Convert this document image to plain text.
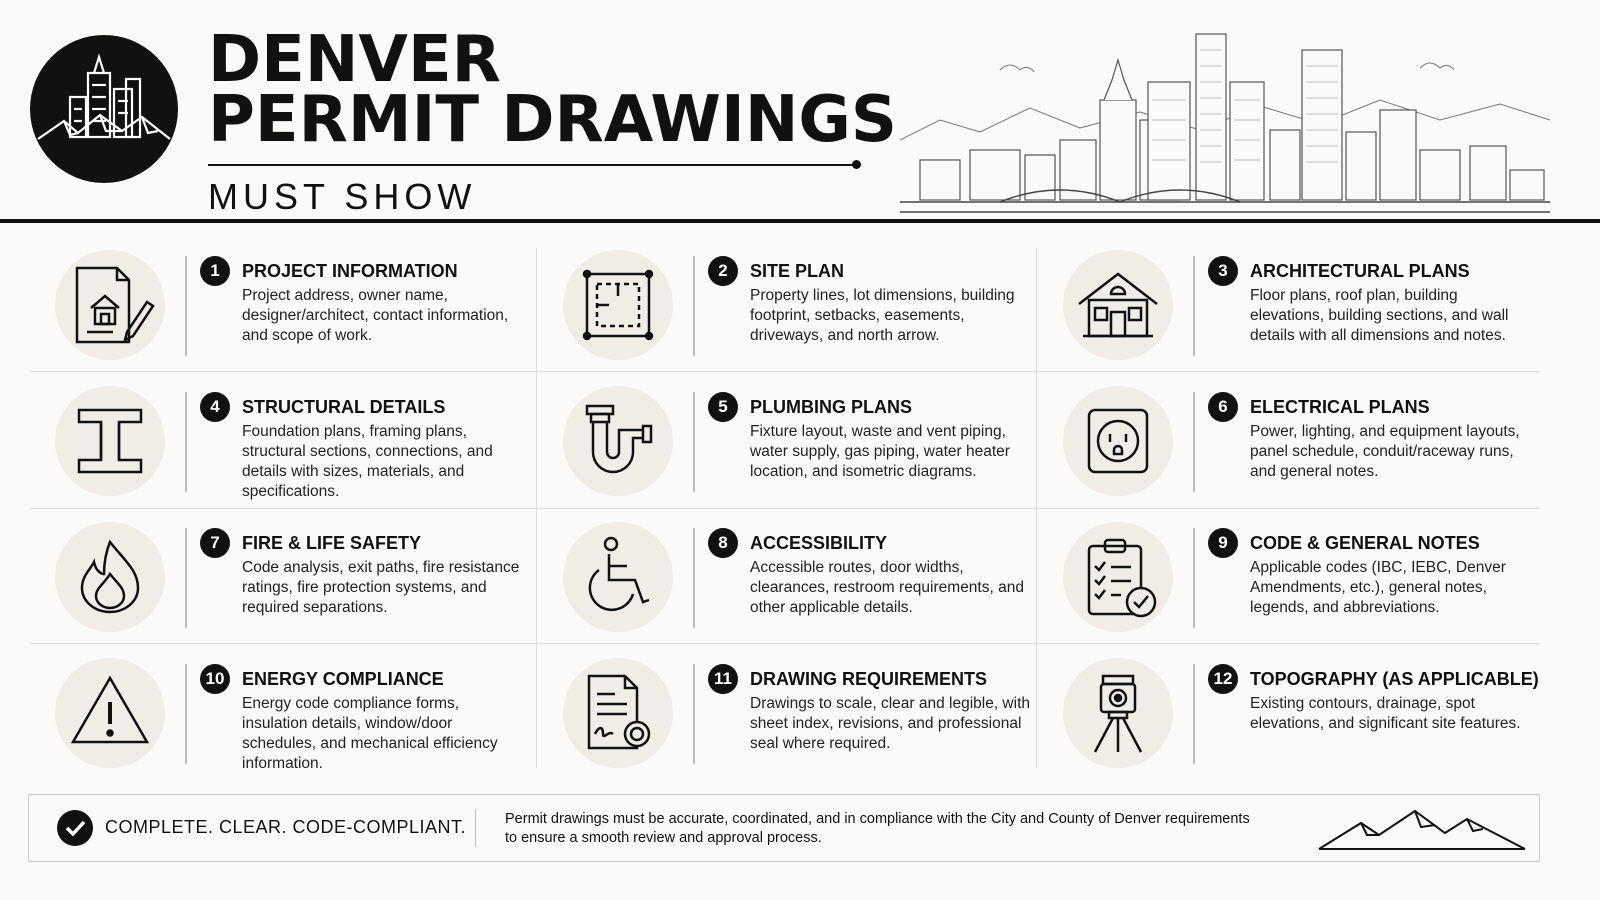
DENVER
PERMIT DRAWINGS
MUST SHOW
1	PROJECT INFORMATION
Project address, owner name, designer/architect, contact information, and scope of work.
2	SITE PLAN
Property lines, lot dimensions, building footprint, setbacks, easements, driveways, and north arrow.
3	ARCHITECTURAL PLANS
Floor plans, roof plan, building elevations, building sections, and wall details with all dimensions and notes.
4	STRUCTURAL DETAILS
Foundation plans, framing plans, structural sections, connections, and details with sizes, materials, and specifications.
5	PLUMBING PLANS
Fixture layout, waste and vent piping, water supply, gas piping, water heater location, and isometric diagrams.
6	ELECTRICAL PLANS
Power, lighting, and equipment layouts, panel schedule, conduit/raceway runs, and general notes.
7	FIRE & LIFE SAFETY
Code analysis, exit paths, fire resistance ratings, fire protection systems, and required separations.
8	ACCESSIBILITY
Accessible routes, door widths, clearances, restroom requirements, and other applicable details.
9	CODE & GENERAL NOTES
Applicable codes (IBC, IEBC, Denver Amendments, etc.), general notes, legends, and abbreviations.
10 ENERGY COMPLIANCE
Energy code compliance forms, insulation details, window/door schedules, and mechanical efficiency information.
11	DRAWING REQUIREMENTS
Drawings to scale, clear and legible, with sheet index, revisions, and professional seal where required.
12 TOPOGRAPHY (AS APPLICABLE)
Existing contours, drainage, spot elevations, and significant site features.
COMPLETE. CLEAR. CODE-COMPLIANT.	Permit drawings must be accurate, coordinated, and in compliance with the City and County of Denver requirements to ensure a smooth review and approval process.
